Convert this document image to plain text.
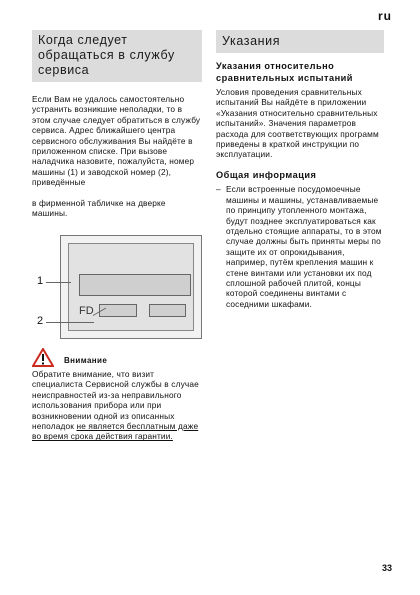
ru
Когда следует обращаться в службу сервиса

Если Вам не удалось самостоятельно устранить возникшие неполадки, то в этом случае следует обратиться в службу сервиса. Адрес ближайшего центра сервисного обслуживания Вы найдёте в приложенном списке. При вызове наладчика назовите, пожалуйста, номер машины (1) и заводской номер (2), приведённые

в фирменной табличке на дверке машины.

FD
1
2
Внимание

Обратите внимание, что визит специалиста Сервисной службы в случае неисправностей из-за неправильного использования прибора или при возникновении одной из описанных неполадок не является бесплатным даже во время срока действия гарантии.

Указания
Указания относительно сравнительных испытаний

Условия проведения сравнительных испытаний Вы найдёте в приложении «Указания относительно сравнительных испытаний». Значения параметров расхода для соответствующих программ приведены в краткой инструкции по эксплуатации.

Общая информация
– Если встроенные посудомоечные машины и машины, устанавливаемые по принципу утопленного монтажа, будут позднее эксплуатироваться как отдельно стоящие аппараты, то в этом случае должны быть приняты меры по защите их от опрокидывания, например, путём крепления машин к стене винтами или установки их под сплошной рабочей плитой, концы которой соединены винтами с соседними шкафами.
33
